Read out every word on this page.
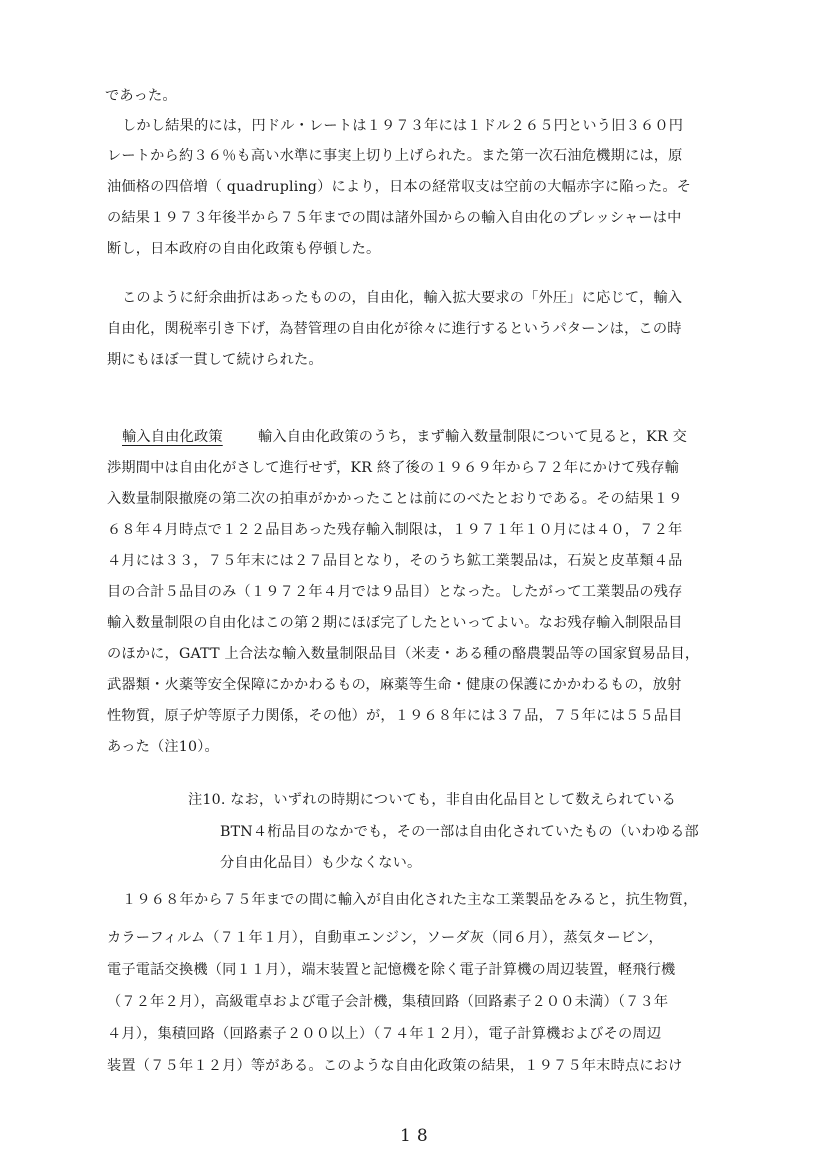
であった。
しかし結果的には，円ドル・レートは１９７３年には１ドル２６５円という旧３６０円
レートから約３６％も高い水準に事実上切り上げられた。また第一次石油危機期には，原
油価格の四倍増（ quadrupling）により，日本の経常収支は空前の大幅赤字に陥った。そ
の結果１９７３年後半から７５年までの間は諸外国からの輸入自由化のプレッシャーは中
断し，日本政府の自由化政策も停頓した。
このように紆余曲折はあったものの，自由化，輸入拡大要求の「外圧」に応じて，輸入
自由化，関税率引き下げ，為替管理の自由化が徐々に進行するというパターンは，この時
期にもほぼ一貫して続けられた。
輸入自由化政策 輸入自由化政策のうち，まず輸入数量制限について見ると，KR 交
渉期間中は自由化がさして進行せず，KR 終了後の１９６９年から７２年にかけて残存輸
入数量制限撤廃の第二次の拍車がかかったことは前にのべたとおりである。その結果１９
６８年４月時点で１２２品目あった残存輸入制限は，１９７１年１０月には４０，７２年
４月には３３，７５年末には２７品目となり，そのうち鉱工業製品は，石炭と皮革類４品
目の合計５品目のみ（１９７２年４月では９品目）となった。したがって工業製品の残存
輸入数量制限の自由化はこの第２期にほぼ完了したといってよい。なお残存輸入制限品目
のほかに，GATT 上合法な輸入数量制限品目（米麦・ある種の酪農製品等の国家貿易品目，
武器類・火薬等安全保障にかかわるもの，麻薬等生命・健康の保護にかかわるもの，放射
性物質，原子炉等原子力関係，その他）が，１９６８年には３７品，７５年には５５品目
あった（注10）。
注10. なお，いずれの時期についても，非自由化品目として数えられている
BTN４桁品目のなかでも，その一部は自由化されていたもの（いわゆる部
分自由化品目）も少なくない。
１９６８年から７５年までの間に輸入が自由化された主な工業製品をみると，抗生物質，
カラーフィルム（７１年１月），自動車エンジン，ソーダ灰（同６月），蒸気タービン，
電子電話交換機（同１１月），端末装置と記憶機を除く電子計算機の周辺装置，軽飛行機
（７２年２月），高級電卓および電子会計機，集積回路（回路素子２００未満）（７３年
４月），集積回路（回路素子２００以上）（７４年１２月），電子計算機およびその周辺
装置（７５年１２月）等がある。このような自由化政策の結果，１９７５年末時点におけ
18
